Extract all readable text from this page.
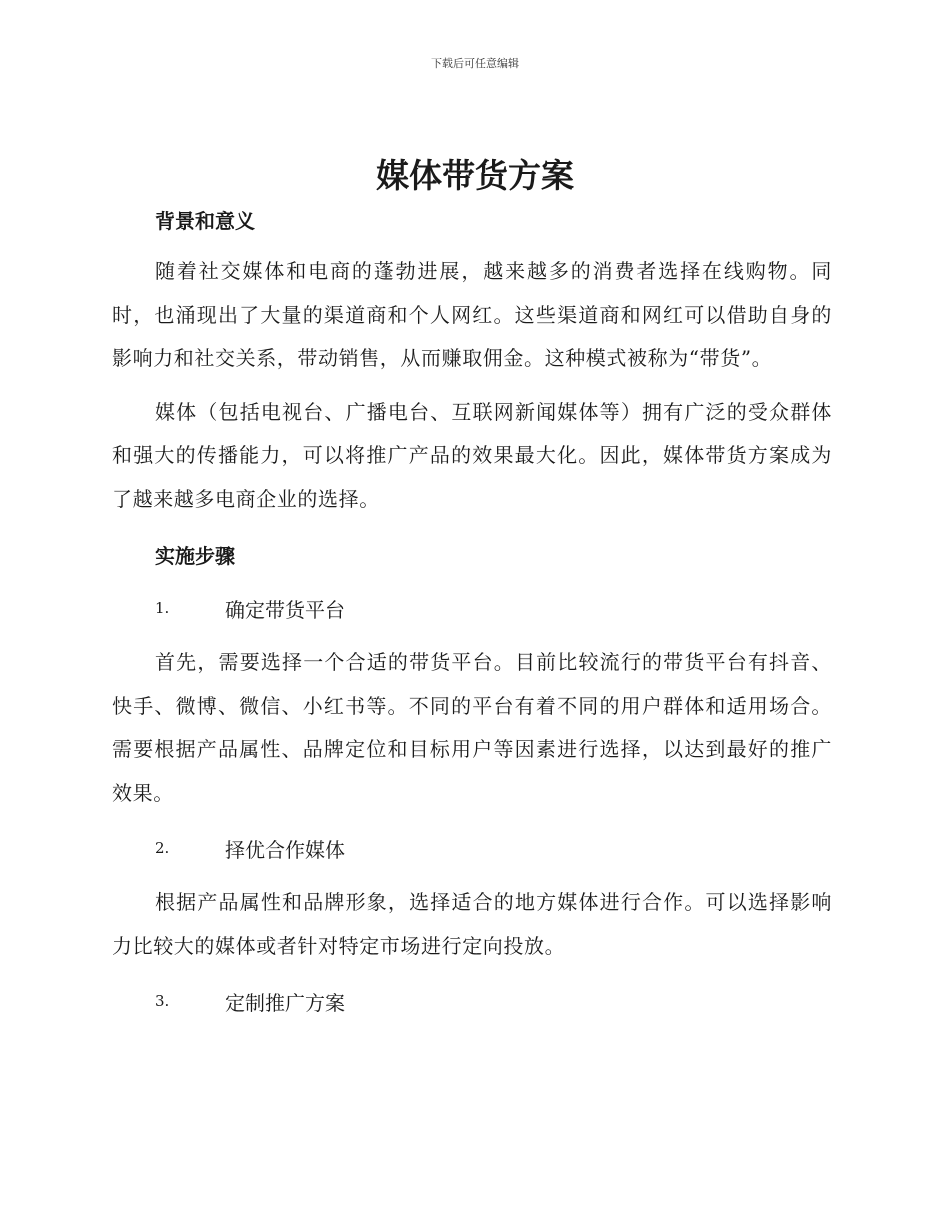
下载后可任意编辑
媒体带货方案
背景和意义

随着社交媒体和电商的蓬勃进展，越来越多的消费者选择在线购物。同时，也涌现出了大量的渠道商和个人网红。这些渠道商和网红可以借助自身的影响力和社交关系，带动销售，从而赚取佣金。这种模式被称为“带货”。

媒体（包括电视台、广播电台、互联网新闻媒体等）拥有广泛的受众群体和强大的传播能力，可以将推广产品的效果最大化。因此，媒体带货方案成为了越来越多电商企业的选择。

实施步骤
1.	确定带货平台

首先，需要选择一个合适的带货平台。目前比较流行的带货平台有抖音、快手、微博、微信、小红书等。不同的平台有着不同的用户群体和适用场合。需要根据产品属性、品牌定位和目标用户等因素进行选择，以达到最好的推广效果。

2.	择优合作媒体

根据产品属性和品牌形象，选择适合的地方媒体进行合作。可以选择影响力比较大的媒体或者针对特定市场进行定向投放。

3.	定制推广方案
